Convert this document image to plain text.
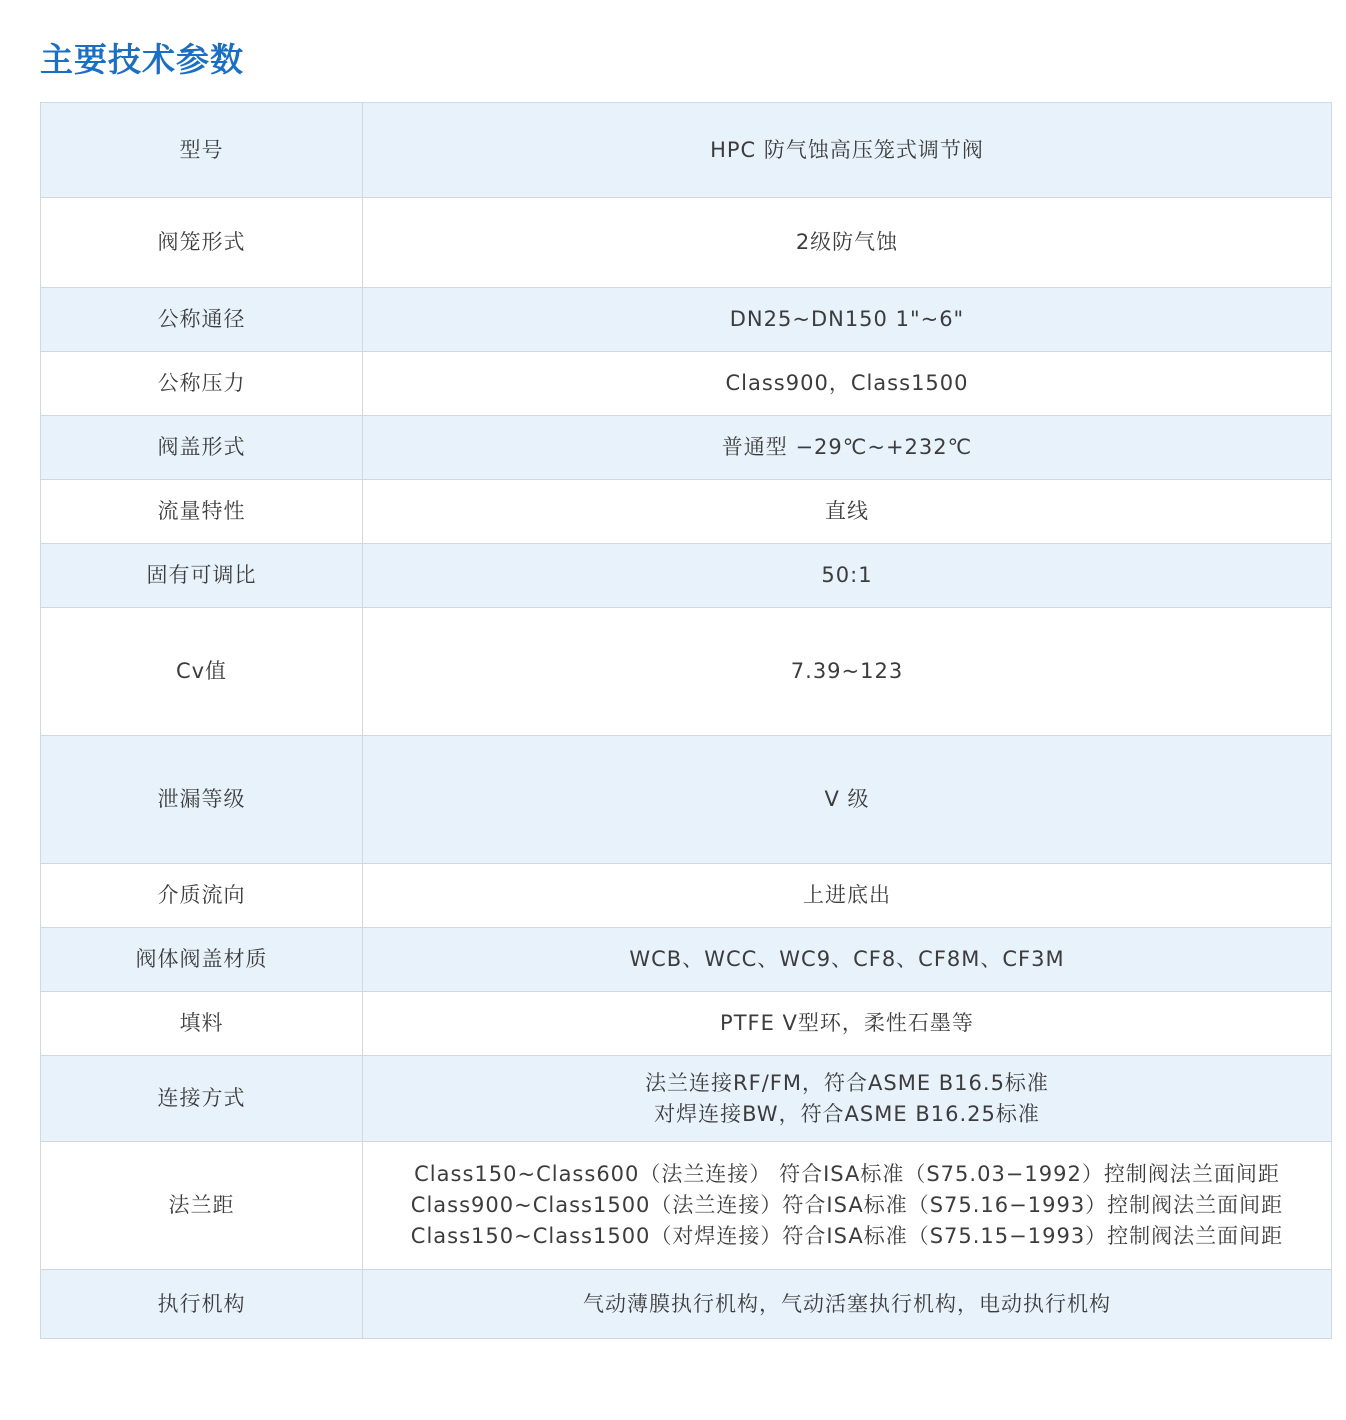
主要技术参数
型号	HPC 防气蚀高压笼式调节阀
阀笼形式	2级防气蚀
公称通径	DN25~DN150 1"~6"
公称压力	Class900，Class1500
阀盖形式	普通型 −29℃~+232℃
流量特性	直线
固有可调比	50:1
Cv值	7.39~123
泄漏等级	V 级
介质流向	上进底出
阀体阀盖材质	WCB、WCC、WC9、CF8、CF8M、CF3M
填料	PTFE V型环，柔性石墨等
连接方式	法兰连接RF/FM，符合ASME B16.5标准
对焊连接BW，符合ASME B16.25标准

法兰距	Class150~Class600（法兰连接） 符合ISA标准（S75.03−1992）控制阀法兰面间距
Class900~Class1500（法兰连接）符合ISA标准（S75.16−1993）控制阀法兰面间距
Class150~Class1500（对焊连接）符合ISA标准（S75.15−1993）控制阀法兰面间距

执行机构	气动薄膜执行机构，气动活塞执行机构，电动执行机构
